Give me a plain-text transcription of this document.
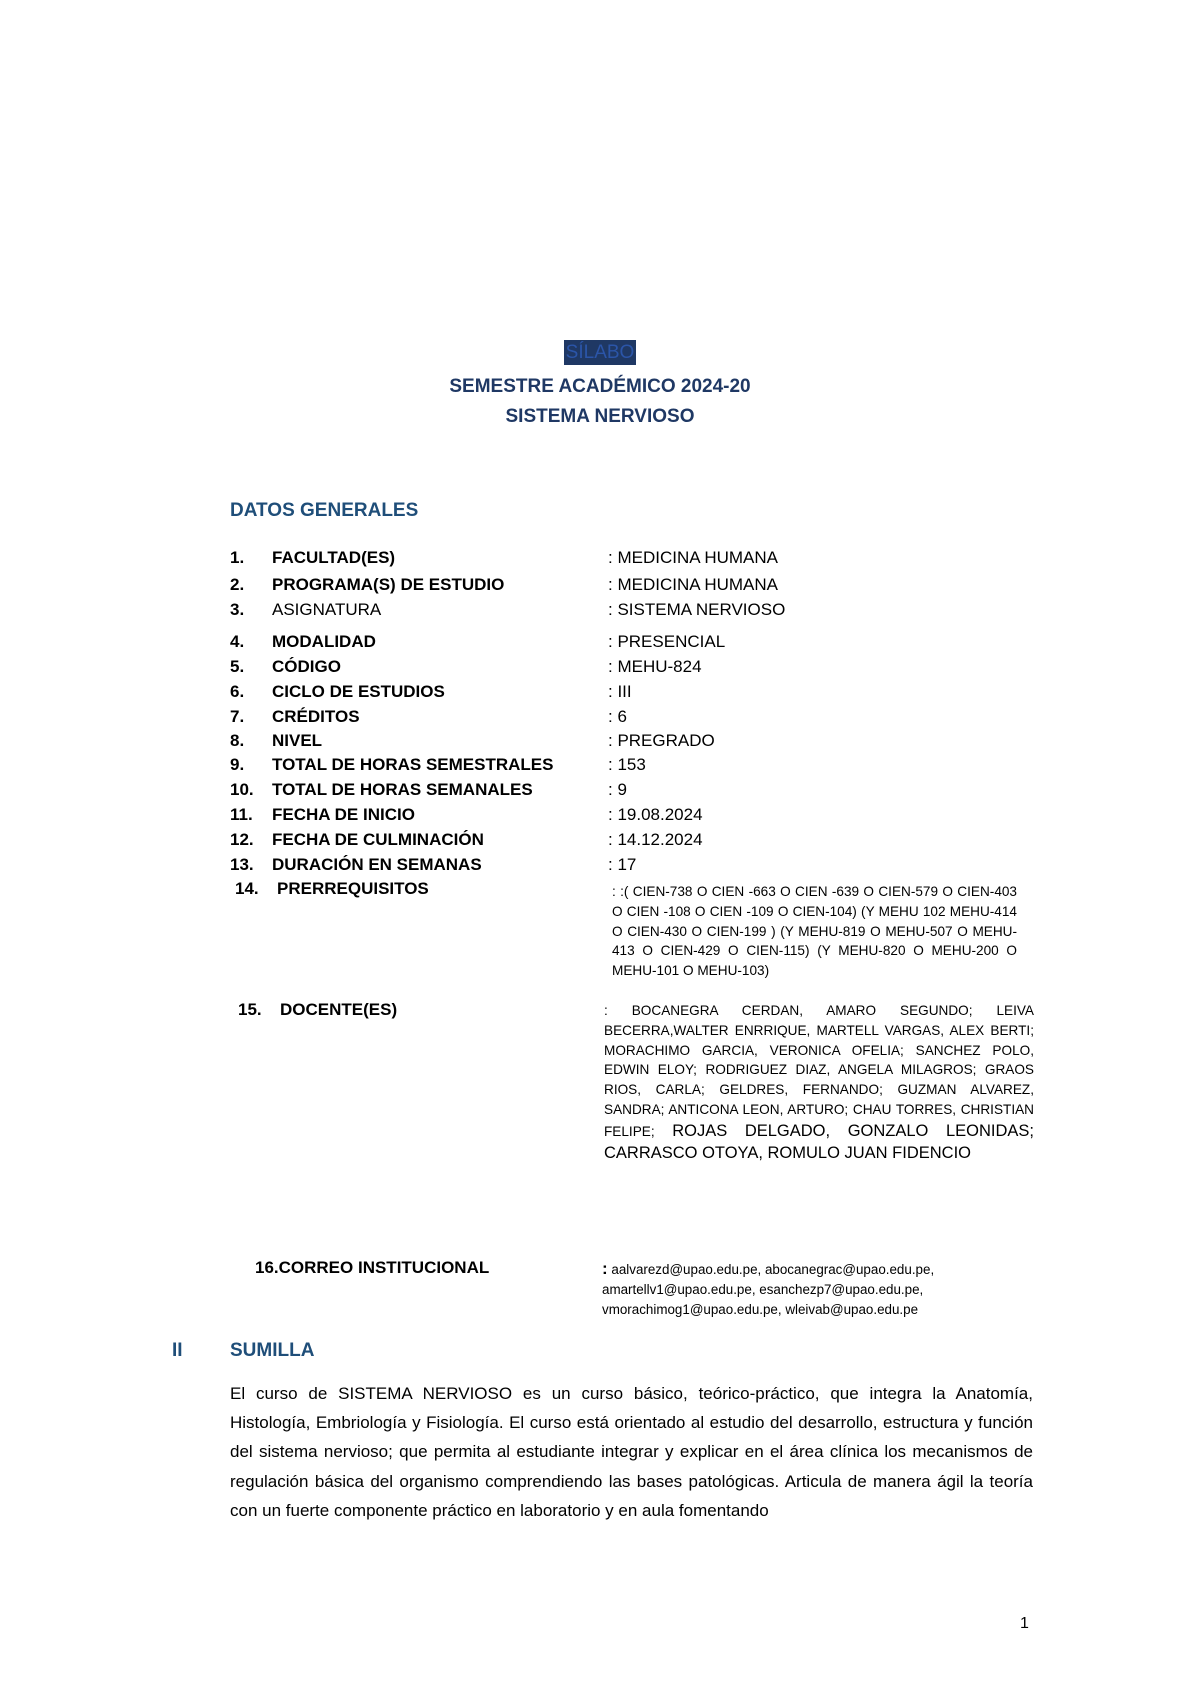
SÍLABO
SEMESTRE ACADÉMICO 2024-20
SISTEMA NERVIOSO
DATOS GENERALES
1. FACULTAD(ES)	: MEDICINA HUMANA
2. PROGRAMA(S) DE ESTUDIO	: MEDICINA HUMANA
3. ASIGNATURA	: SISTEMA NERVIOSO
4. MODALIDAD	: PRESENCIAL
5. CÓDIGO	: MEHU-824
6. CICLO DE ESTUDIOS	: III
7. CRÉDITOS	: 6
8. NIVEL	: PREGRADO
9. TOTAL DE HORAS SEMESTRALES	: 153
10. TOTAL DE HORAS SEMANALES	: 9
11. FECHA DE INICIO	: 19.08.2024
12. FECHA DE CULMINACIÓN	: 14.12.2024
13. DURACIÓN EN SEMANAS	: 17
14. PRERREQUISITOS	: :( CIEN-738 O CIEN -663 O CIEN -639 O CIEN-579 O CIEN-403 O CIEN -108 O CIEN -109 O CIEN-104) (Y MEHU 102 MEHU-414 O CIEN-430 O CIEN-199 ) (Y MEHU-819 O MEHU-507 O MEHU-413 O CIEN-429 O CIEN-115) (Y MEHU-820 O MEHU-200 O MEHU-101 O MEHU-103)
15. DOCENTE(ES)	: BOCANEGRA CERDAN, AMARO SEGUNDO; LEIVA BECERRA,WALTER ENRRIQUE, MARTELL VARGAS, ALEX BERTI; MORACHIMO GARCIA, VERONICA OFELIA; SANCHEZ POLO, EDWIN ELOY; RODRIGUEZ DIAZ, ANGELA MILAGROS; GRAOS RIOS, CARLA; GELDRES, FERNANDO; GUZMAN ALVAREZ, SANDRA; ANTICONA LEON, ARTURO; CHAU TORRES, CHRISTIAN FELIPE; ROJAS DELGADO, GONZALO LEONIDAS; CARRASCO OTOYA, ROMULO JUAN FIDENCIO
16.CORREO INSTITUCIONAL	: aalvarezd@upao.edu.pe, abocanegrac@upao.edu.pe, amartellv1@upao.edu.pe, esanchezp7@upao.edu.pe, vmorachimog1@upao.edu.pe, wleivab@upao.edu.pe
II SUMILLA
El curso de SISTEMA NERVIOSO es un curso básico, teórico-práctico, que integra la Anatomía, Histología, Embriología y Fisiología. El curso está orientado al estudio del desarrollo, estructura y función del sistema nervioso; que permita al estudiante integrar y explicar en el área clínica los mecanismos de regulación básica del organismo comprendiendo las bases patológicas. Articula de manera ágil la teoría con un fuerte componente práctico en laboratorio y en aula fomentando
1
